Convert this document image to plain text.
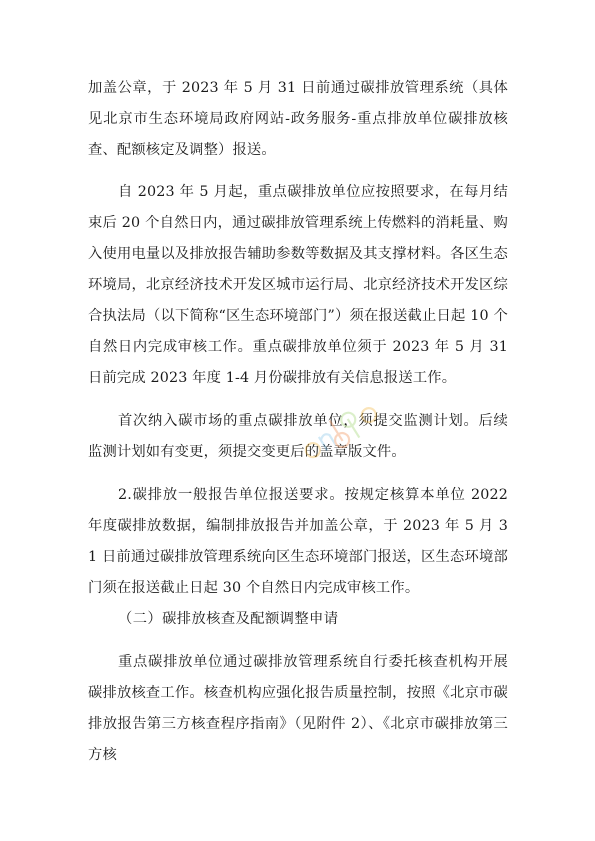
加盖公章，于 2023 年 5 月 31 日前通过碳排放管理系统（具体见北京市生态环境局政府网站-政务服务-重点排放单位碳排放核查、配额核定及调整）报送。

自 2023 年 5 月起，重点碳排放单位应按照要求，在每月结束后 20 个自然日内，通过碳排放管理系统上传燃料的消耗量、购入使用电量以及排放报告辅助参数等数据及其支撑材料。各区生态环境局，北京经济技术开发区城市运行局、北京经济技术开发区综合执法局（以下简称“区生态环境部门”）须在报送截止日起 10 个自然日内完成审核工作。重点碳排放单位须于 2023 年 5 月 31 日前完成 2023 年度 1-4 月份碳排放有关信息报送工作。

首次纳入碳市场的重点碳排放单位，须提交监测计划。后续监测计划如有变更，须提交变更后的盖章版文件。

2.碳排放一般报告单位报送要求。按规定核算本单位 2022 年度碳排放数据，编制排放报告并加盖公章，于 2023 年 5 月 31 日前通过碳排放管理系统向区生态环境部门报送，区生态环境部门须在报送截止日起 30 个自然日内完成审核工作。

（二）碳排放核查及配额调整申请

重点碳排放单位通过碳排放管理系统自行委托核查机构开展碳排放核查工作。核查机构应强化报告质量控制，按照《北京市碳排放报告第三方核查程序指南》（见附件 2）、《北京市碳排放第三方核
